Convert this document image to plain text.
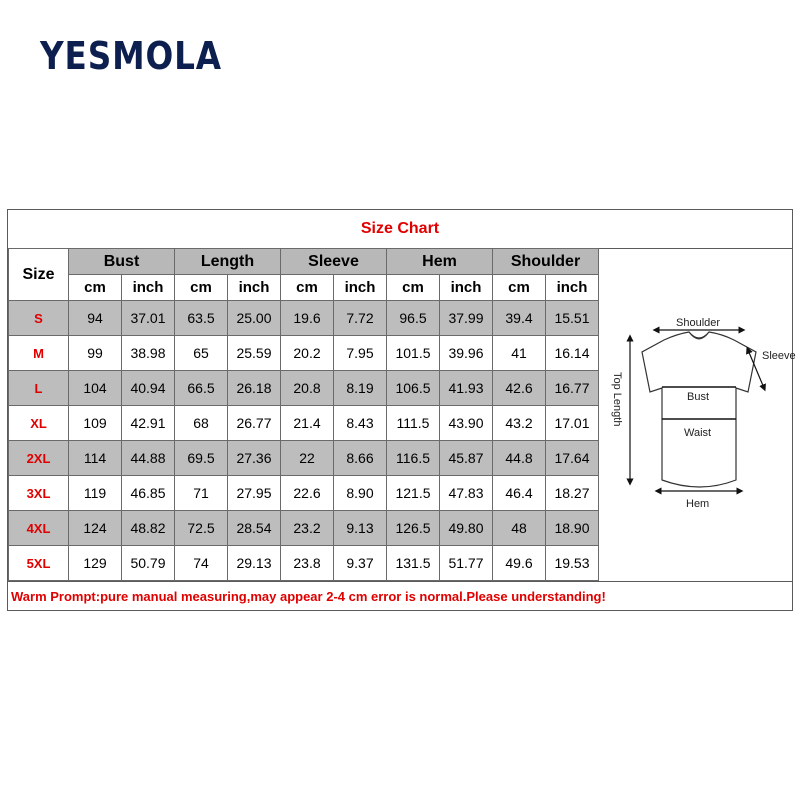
YESMOLA
Size Chart
Size	Bust		Length		Sleeve		Hem		Shoulder	
	cm	inch	cm	inch	cm	inch	cm	inch	cm	inch
S	94	37.01	63.5	25.00	19.6	7.72	96.5	37.99	39.4	15.51
M	99	38.98	65	25.59	20.2	7.95	101.5	39.96	41	16.14
L	104	40.94	66.5	26.18	20.8	8.19	106.5	41.93	42.6	16.77
XL	109	42.91	68	26.77	21.4	8.43	111.5	43.90	43.2	17.01
2XL	114	44.88	69.5	27.36	22	8.66	116.5	45.87	44.8	17.64
3XL	119	46.85	71	27.95	22.6	8.90	121.5	47.83	46.4	18.27
4XL	124	48.82	72.5	28.54	23.2	9.13	126.5	49.80	48	18.90
5XL	129	50.79	74	29.13	23.8	9.37	131.5	51.77	49.6	19.53
Shoulder
Sleeve
Top Length	Bust
Waist
Hem
Warm Prompt:pure manual measuring,may appear 2-4 cm error is normal.Please understanding!
